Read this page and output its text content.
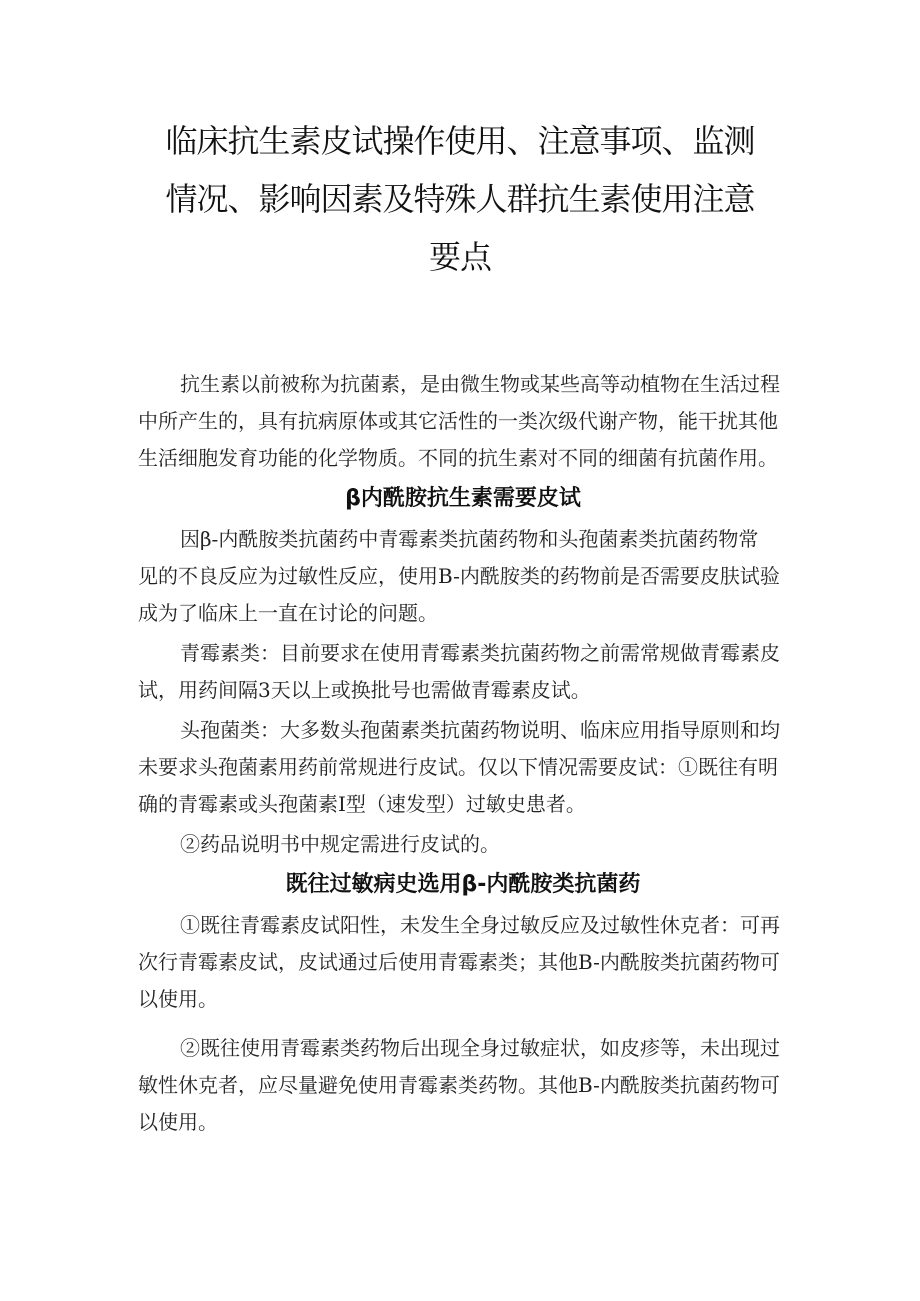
临床抗生素皮试操作使用、注意事项、监测
情况、影响因素及特殊人群抗生素使用注意
要点

抗生素以前被称为抗菌素，是由微生物或某些高等动植物在生活过程
中所产生的，具有抗病原体或其它活性的一类次级代谢产物，能干扰其他
生活细胞发育功能的化学物质。不同的抗生素对不同的细菌有抗菌作用。

β内酰胺抗生素需要皮试

因β-内酰胺类抗菌药中青霉素类抗菌药物和头孢菌素类抗菌药物常
见的不良反应为过敏性反应，使用B-内酰胺类的药物前是否需要皮肤试验
成为了临床上一直在讨论的问题。

青霉素类：目前要求在使用青霉素类抗菌药物之前需常规做青霉素皮
试，用药间隔3天以上或换批号也需做青霉素皮试。

头孢菌类：大多数头孢菌素类抗菌药物说明、临床应用指导原则和均
未要求头孢菌素用药前常规进行皮试。仅以下情况需要皮试：①既往有明
确的青霉素或头孢菌素I型（速发型）过敏史患者。

②药品说明书中规定需进行皮试的。

既往过敏病史选用β-内酰胺类抗菌药

①既往青霉素皮试阳性，未发生全身过敏反应及过敏性休克者：可再
次行青霉素皮试，皮试通过后使用青霉素类；其他B-内酰胺类抗菌药物可
以使用。

②既往使用青霉素类药物后出现全身过敏症状，如皮疹等，未出现过
敏性休克者，应尽量避免使用青霉素类药物。其他B-内酰胺类抗菌药物可
以使用。
